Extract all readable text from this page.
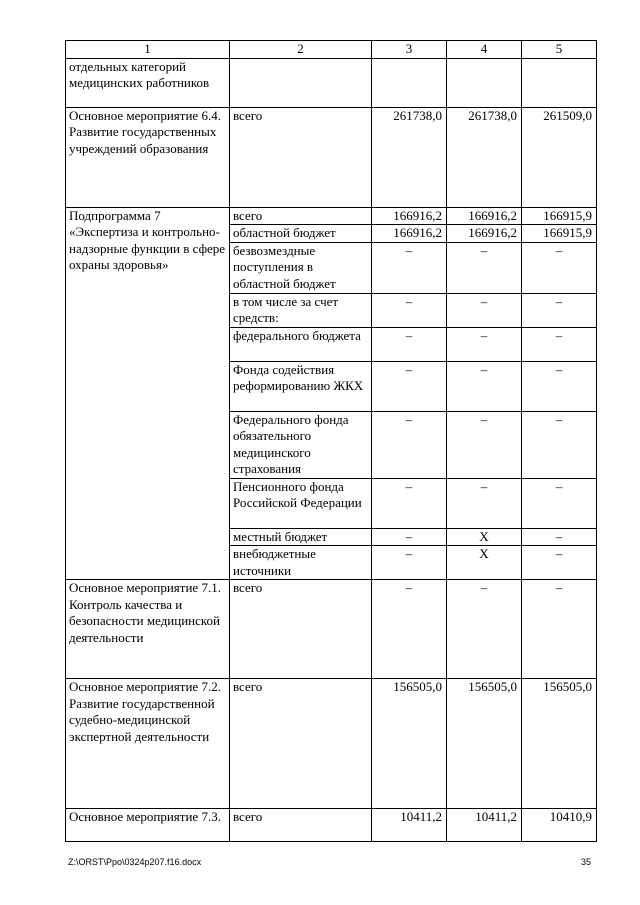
1	2	3	4	5
отдельных категорий медицинских работников				
Основное мероприятие 6.4. Развитие государственных учреждений образования	всего	261738,0	261738,0	261509,0
Подпрограмма 7 «Экспертиза и контрольно-надзорные функции в сфере охраны здоровья»	всего	166916,2	166916,2	166915,9
	областной бюджет	166916,2	166916,2	166915,9
	безвозмездные поступления в областной бюджет	–	–	–
	в том числе за счет средств:	–	–	–
	федерального бюджета	–	–	–
	Фонда содействия реформированию ЖКХ	–	–	–
	Федерального фонда обязательного медицинского страхования	–	–	–
	Пенсионного фонда Российской Федерации	–	–	–
	местный бюджет	–	Х	–
	внебюджетные источники	–	Х	–
Основное мероприятие 7.1. Контроль качества и безопасности медицинской деятельности	всего	–	–	–
Основное мероприятие 7.2. Развитие государственной судебно-медицинской экспертной деятельности	всего	156505,0	156505,0	156505,0
Основное мероприятие 7.3.	всего	10411,2	10411,2	10410,9
Z:\ORST\Ppo\0324p207.f16.docx	35
